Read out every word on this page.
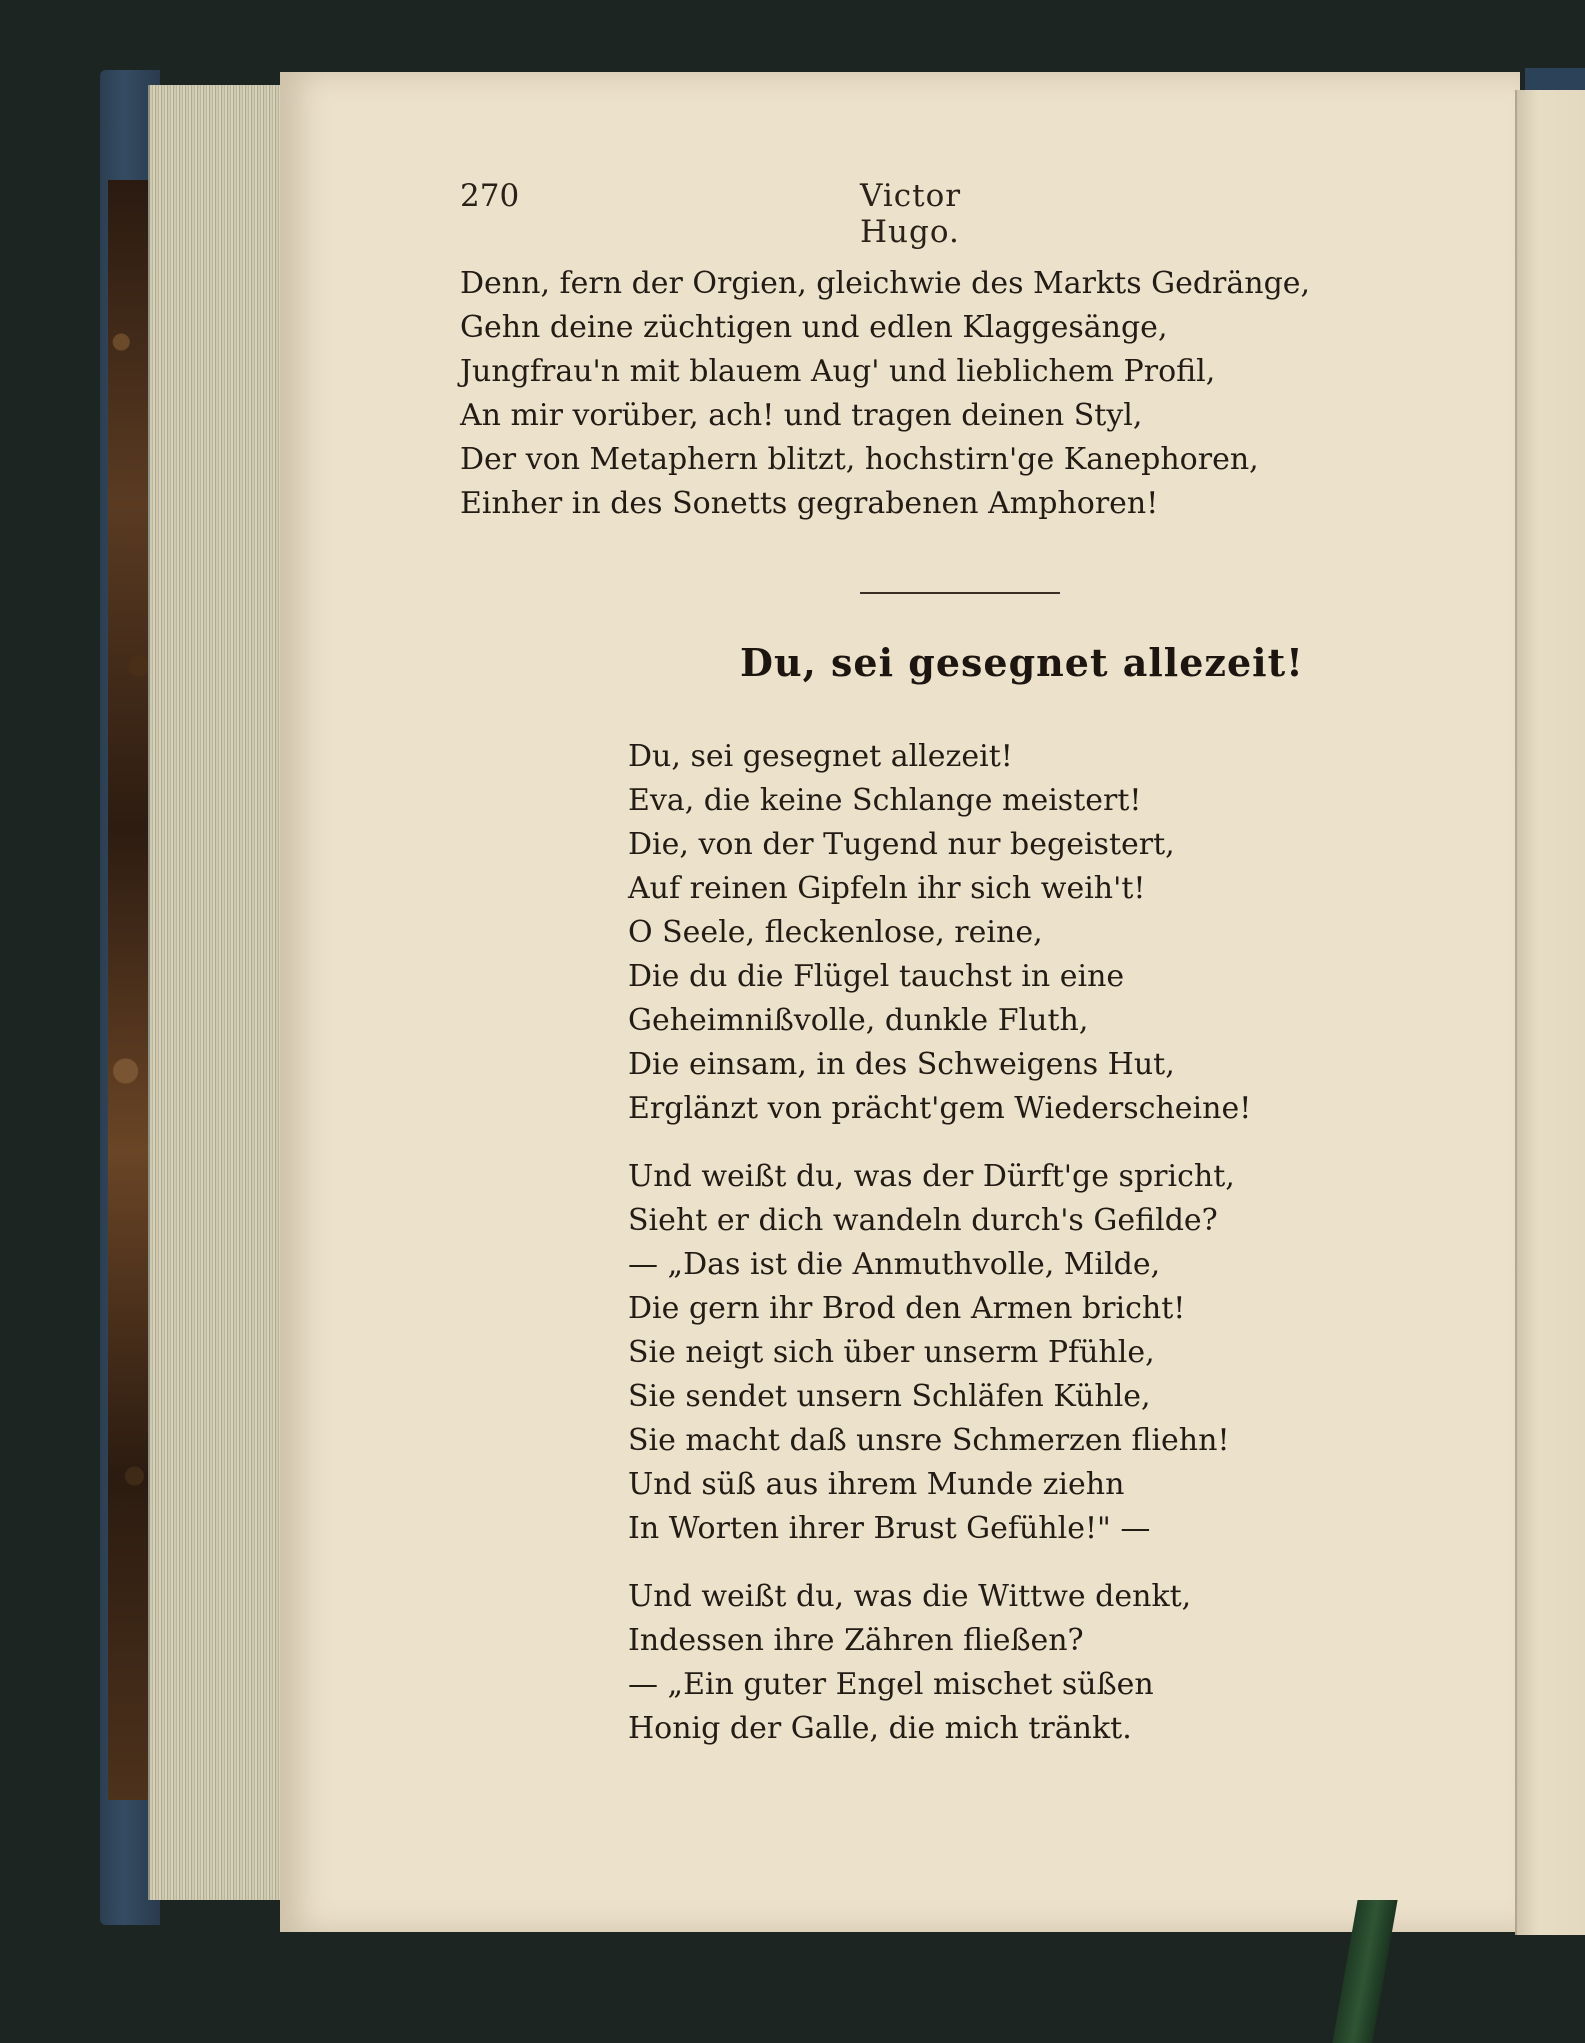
270	Victor Hugo.
Denn, fern der Orgien, gleichwie des Markts Gedränge,
Gehn deine züchtigen und edlen Klaggesänge,
Jungfrau'n mit blauem Aug' und lieblichem Profil,
An mir vorüber, ach! und tragen deinen Styl,
Der von Metaphern blitzt, hochstirn'ge Kanephoren,
Einher in des Sonetts gegrabenen Amphoren!
Du, sei gesegnet allezeit!
Du, sei gesegnet allezeit!
Eva, die keine Schlange meistert!
Die, von der Tugend nur begeistert,
Auf reinen Gipfeln ihr sich weih't!
O Seele, fleckenlose, reine,
Die du die Flügel tauchst in eine
Geheimnißvolle, dunkle Fluth,
Die einsam, in des Schweigens Hut,
Erglänzt von prächt'gem Wiederscheine!
Und weißt du, was der Dürft'ge spricht,
Sieht er dich wandeln durch's Gefilde?
— „Das ist die Anmuthvolle, Milde,
Die gern ihr Brod den Armen bricht!
Sie neigt sich über unserm Pfühle,
Sie sendet unsern Schläfen Kühle,
Sie macht daß unsre Schmerzen fliehn!
Und süß aus ihrem Munde ziehn
In Worten ihrer Brust Gefühle!" —
Und weißt du, was die Wittwe denkt,
Indessen ihre Zähren fließen?
— „Ein guter Engel mischet süßen
Honig der Galle, die mich tränkt.
